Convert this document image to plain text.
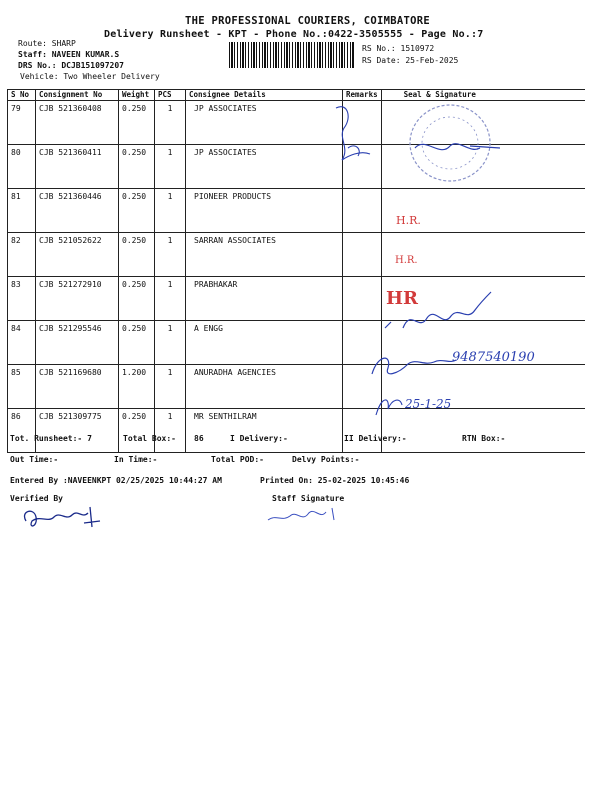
THE PROFESSIONAL COURIERS, COIMBATORE
Delivery Runsheet - KPT - Phone No.:0422-3505555 - Page No.:7
Route: SHARP
Staff: NAVEEN KUMAR.S
DRS No.: DCJB151097207
Vehicle: Two Wheeler Delivery
RS No.: 1510972
RS Date: 25-Feb-2025
S No	Consignment No	Weight	PCS	Consignee Details	Remarks	Seal & Signature
79	CJB 521360408	0.250	1	JP ASSOCIATES		
80	CJB 521360411	0.250	1	JP ASSOCIATES		
81	CJB 521360446	0.250	1	PIONEER PRODUCTS		
82	CJB 521052622	0.250	1	SARRAN ASSOCIATES		
83	CJB 521272910	0.250	1	PRABHAKAR		
84	CJB 521295546	0.250	1	A ENGG		
85	CJB 521169680	1.200	1	ANURADHA AGENCIES		
86	CJB 521309775	0.250	1	MR SENTHILRAM		
H.R.
H.R.
HR
9487540190
25-1-25
Tot. Runsheet:- 7	Total Box:- 86	I Delivery:-	II Delivery:-	RTN Box:-
Out Time:-	In Time:-	Total POD:-	Delvy Points:-
Entered By :NAVEENKPT 02/25/2025 10:44:27 AM	Printed On: 25-02-2025 10:45:46
Verified By	Staff Signature
